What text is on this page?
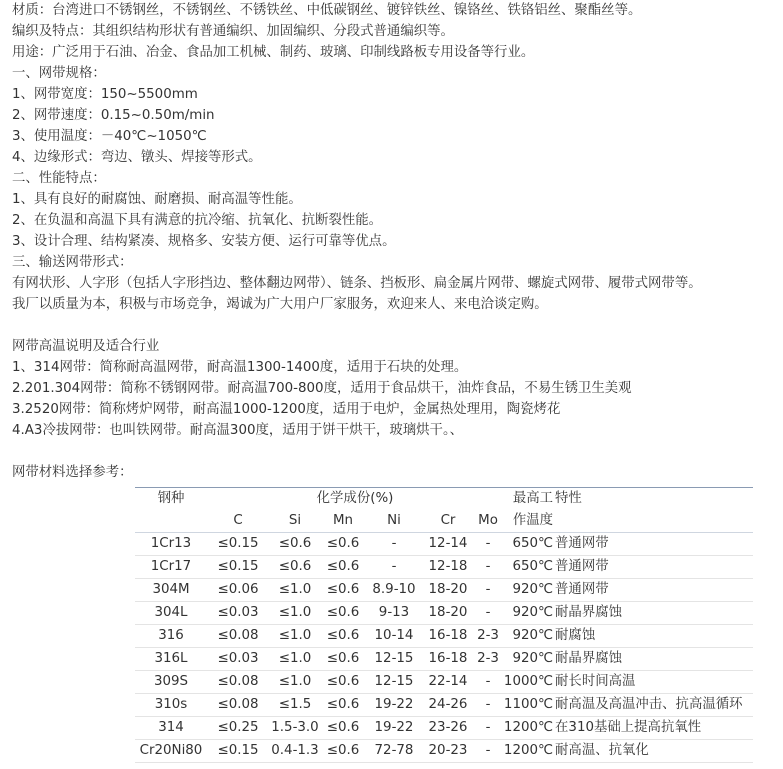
材质：台湾进口不锈钢丝，不锈钢丝、不锈铁丝、中低碳钢丝、镀锌铁丝、镍铬丝、铁铬铝丝、聚酯丝等。
编织及特点：其组织结构形状有普通编织、加固编织、分段式普通编织等。
用途：广泛用于石油、冶金、食品加工机械、制药、玻璃、印制线路板专用设备等行业。
一、网带规格：
1、网带宽度：150~5500mm
2、网带速度：0.15~0.50m/min
3、使用温度：－40℃~1050℃
4、边缘形式：弯边、镦头、焊接等形式。
二、性能特点：
1、具有良好的耐腐蚀、耐磨损、耐高温等性能。
2、在负温和高温下具有满意的抗冷缩、抗氧化、抗断裂性能。
3、设计合理、结构紧凑、规格多、安装方便、运行可靠等优点。
三、输送网带形式：
有网状形、人字形（包括人字形挡边、整体翻边网带）、链条、挡板形、扁金属片网带、螺旋式网带、履带式网带等。
我厂以质量为本，积极与市场竞争，竭诚为广大用户厂家服务，欢迎来人、来电洽谈定购。
网带高温说明及适合行业
1、314网带：简称耐高温网带，耐高温1300-1400度，适用于石块的处理。
2.201.304网带：简称不锈钢网带。耐高温700-800度，适用于食品烘干，油炸食品，不易生锈卫生美观
3.2520网带：简称烤炉网带，耐高温1000-1200度，适用于电炉，金属热处理用，陶瓷烤花
4.A3冷拔网带：也叫铁网带。耐高温300度，适用于饼干烘干，玻璃烘干。、
网带材料选择参考：
钢种	化学成份(%)						最高工	特性
	C	Si	Mn	Ni	Cr	Mo	作温度	
1Cr13	≤0.15	≤0.6	≤0.6	-	12-14	-	650℃	普通网带
1Cr17	≤0.15	≤0.6	≤0.6	-	12-18	-	650℃	普通网带
304M	≤0.06	≤1.0	≤0.6	8.9-10	18-20	-	920℃	普通网带
304L	≤0.03	≤1.0	≤0.6	9-13	18-20	-	920℃	耐晶界腐蚀
316	≤0.08	≤1.0	≤0.6	10-14	16-18	2-3	920℃	耐腐蚀
316L	≤0.03	≤1.0	≤0.6	12-15	16-18	2-3	920℃	耐晶界腐蚀
309S	≤0.08	≤1.0	≤0.6	12-15	22-14	-	1000℃	耐长时间高温
310s	≤0.08	≤1.5	≤0.6	19-22	24-26	-	1100℃	耐高温及高温冲击、抗高温循环
314	≤0.25	1.5-3.0	≤0.6	19-22	23-26	-	1200℃	在310基础上提高抗氧性
Cr20Ni80	≤0.15	0.4-1.3	≤0.6	72-78	20-23	-	1200℃	耐高温、抗氧化
